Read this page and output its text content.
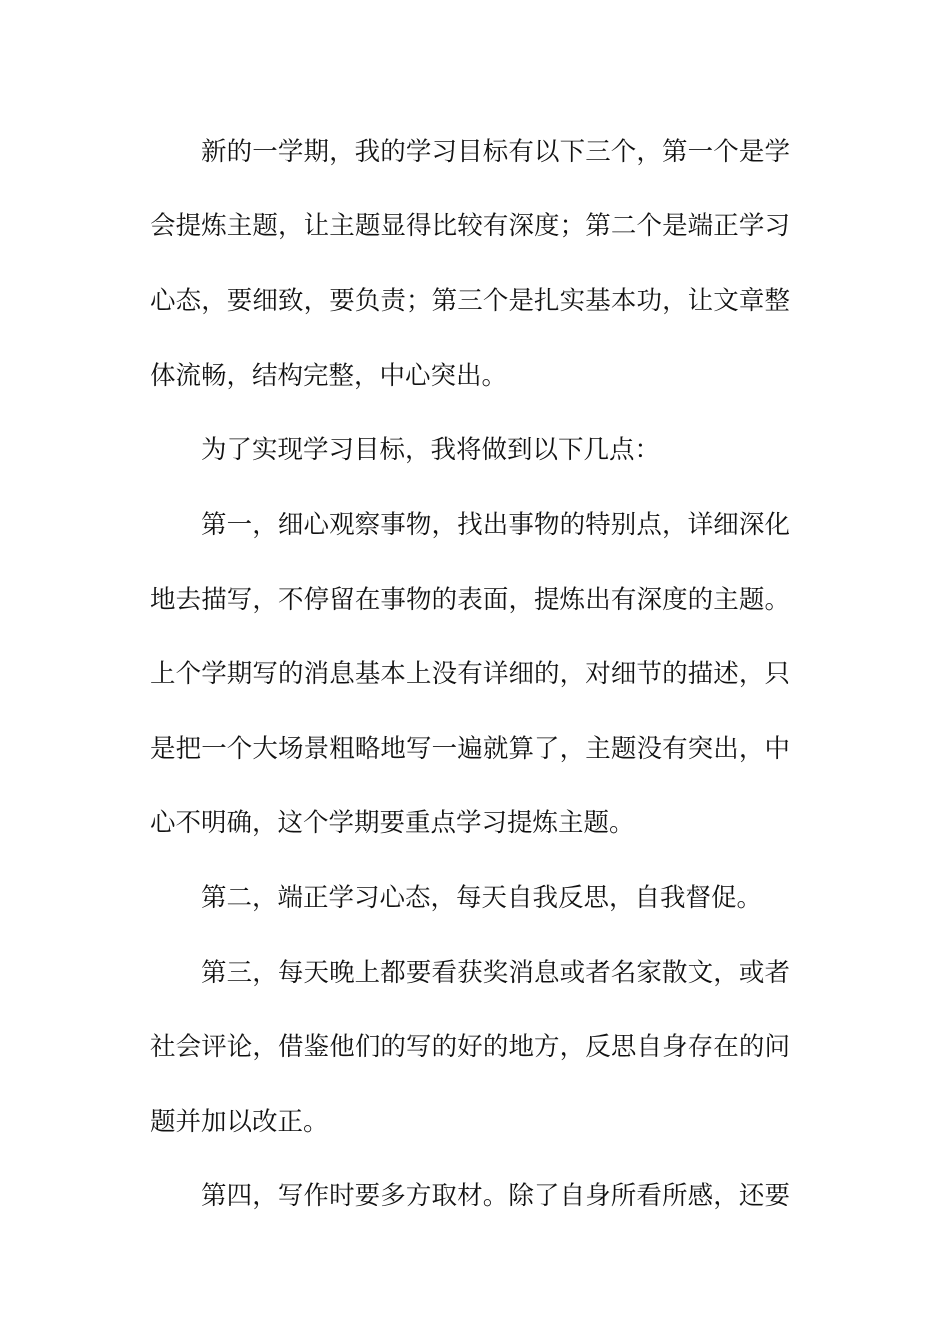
新的一学期，我的学习目标有以下三个，第一个是学
会提炼主题，让主题显得比较有深度；第二个是端正学习
心态，要细致，要负责；第三个是扎实基本功，让文章整
体流畅，结构完整，中心突出。
为了实现学习目标，我将做到以下几点：
第一，细心观察事物，找出事物的特别点，详细深化
地去描写，不停留在事物的表面，提炼出有深度的主题。
上个学期写的消息基本上没有详细的，对细节的描述，只
是把一个大场景粗略地写一遍就算了，主题没有突出，中
心不明确，这个学期要重点学习提炼主题。
第二，端正学习心态，每天自我反思，自我督促。
第三，每天晚上都要看获奖消息或者名家散文，或者
社会评论，借鉴他们的写的好的地方，反思自身存在的问
题并加以改正。
第四，写作时要多方取材。除了自身所看所感，还要
